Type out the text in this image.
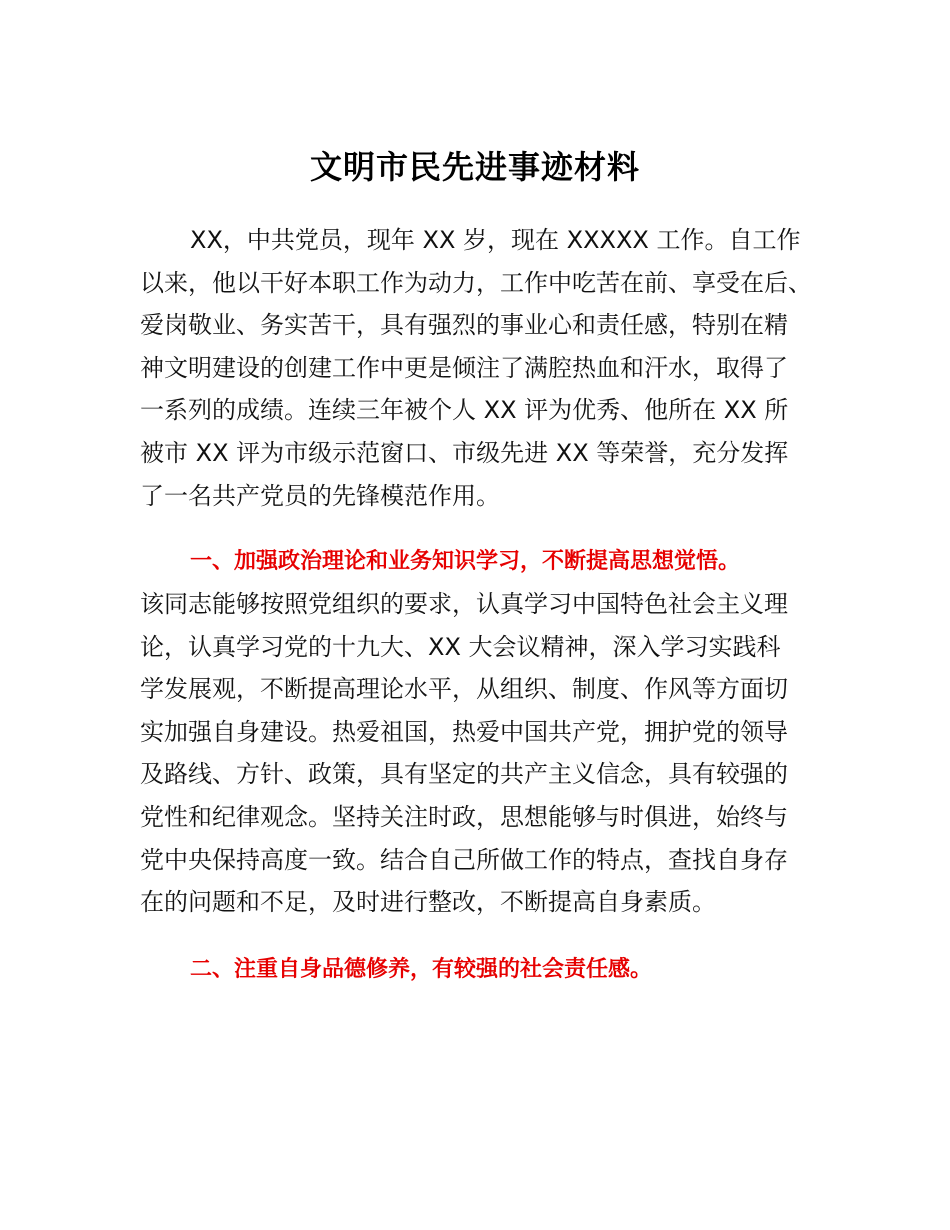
文明市民先进事迹材料
XX，中共党员，现年 XX 岁，现在 XXXXX 工作。自工作
以来，他以干好本职工作为动力，工作中吃苦在前、享受在后、
爱岗敬业、务实苦干，具有强烈的事业心和责任感，特别在精
神文明建设的创建工作中更是倾注了满腔热血和汗水，取得了
一系列的成绩。连续三年被个人 XX 评为优秀、他所在 XX 所
被市 XX 评为市级示范窗口、市级先进 XX 等荣誉，充分发挥
了一名共产党员的先锋模范作用。
一、加强政治理论和业务知识学习，不断提高思想觉悟。
该同志能够按照党组织的要求，认真学习中国特色社会主义理
论，认真学习党的十九大、XX 大会议精神，深入学习实践科
学发展观，不断提高理论水平，从组织、制度、作风等方面切
实加强自身建设。热爱祖国，热爱中国共产党，拥护党的领导
及路线、方针、政策，具有坚定的共产主义信念，具有较强的
党性和纪律观念。坚持关注时政，思想能够与时俱进，始终与
党中央保持高度一致。结合自己所做工作的特点，查找自身存
在的问题和不足，及时进行整改，不断提高自身素质。
二、注重自身品德修养，有较强的社会责任感。
